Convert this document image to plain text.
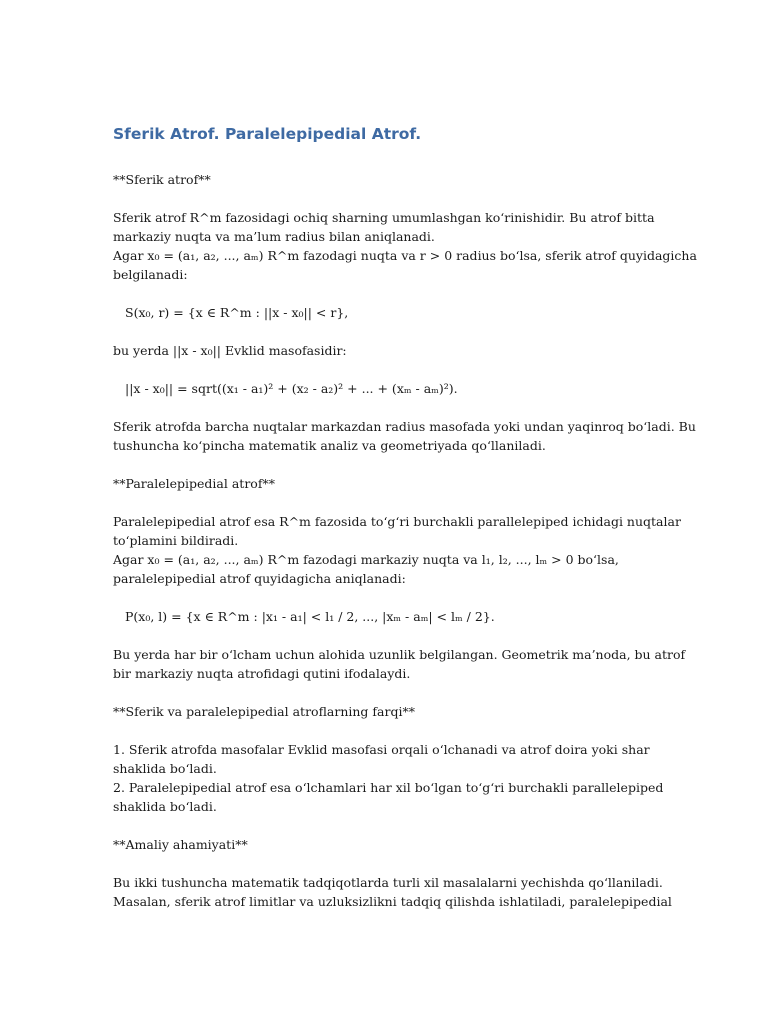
Sferik Atrof. Paralelepipedial Atrof.
**Sferik atrof**
Sferik atrof R^m fazosidagi ochiq sharning umumlashgan ko‘rinishidir. Bu atrof bitta
markaziy nuqta va ma’lum radius bilan aniqlanadi.
Agar x₀ = (a₁, a₂, ..., aₘ) R^m fazodagi nuqta va r > 0 radius bo‘lsa, sferik atrof quyidagicha
belgilanadi:
S(x₀, r) = {x ∈ R^m : ||x - x₀|| < r},
bu yerda ||x - x₀|| Evklid masofasidir:
||x - x₀|| = sqrt((x₁ - a₁)² + (x₂ - a₂)² + ... + (xₘ - aₘ)²).
Sferik atrofda barcha nuqtalar markazdan radius masofada yoki undan yaqinroq bo‘ladi. Bu
tushuncha ko‘pincha matematik analiz va geometriyada qo‘llaniladi.
**Paralelepipedial atrof**
Paralelepipedial atrof esa R^m fazosida to‘g‘ri burchakli parallelepiped ichidagi nuqtalar
to‘plamini bildiradi.
Agar x₀ = (a₁, a₂, ..., aₘ) R^m fazodagi markaziy nuqta va l₁, l₂, ..., lₘ > 0 bo‘lsa,
paralelepipedial atrof quyidagicha aniqlanadi:
P(x₀, l) = {x ∈ R^m : |x₁ - a₁| < l₁ / 2, ..., |xₘ - aₘ| < lₘ / 2}.
Bu yerda har bir o‘lcham uchun alohida uzunlik belgilangan. Geometrik ma’noda, bu atrof
bir markaziy nuqta atrofidagi qutini ifodalaydi.
**Sferik va paralelepipedial atroflarning farqi**
1. Sferik atrofda masofalar Evklid masofasi orqali o‘lchanadi va atrof doira yoki shar
shaklida bo‘ladi.
2. Paralelepipedial atrof esa o‘lchamlari har xil bo‘lgan to‘g‘ri burchakli parallelepiped
shaklida bo‘ladi.
**Amaliy ahamiyati**
Bu ikki tushuncha matematik tadqiqotlarda turli xil masalalarni yechishda qo‘llaniladi.
Masalan, sferik atrof limitlar va uzluksizlikni tadqiq qilishda ishlatiladi, paralelepipedial
